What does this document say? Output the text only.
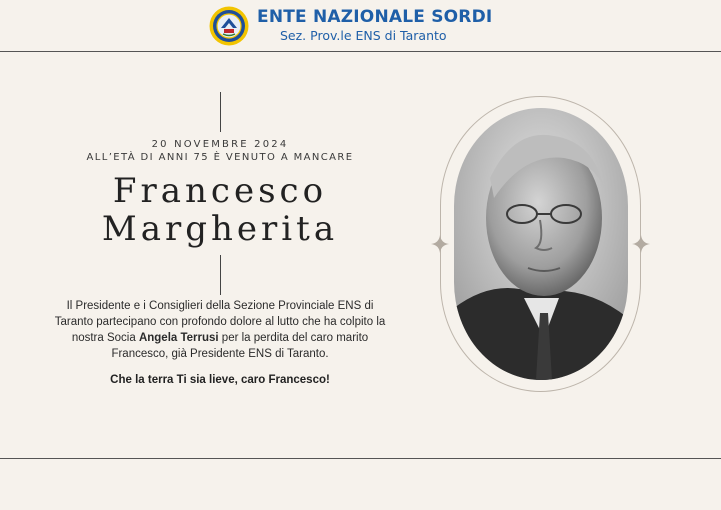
ENTE NAZIONALE SORDI
Sez. Prov.le ENS di Taranto
20 NOVEMBRE 2024
ALL’ETÀ DI ANNI 75 È VENUTO A MANCARE
Francesco
Margherita
Il Presidente e i Consiglieri della Sezione Provinciale ENS di Taranto partecipano con profondo dolore al lutto che ha colpito la nostra Socia Angela Terrusi per la perdita del caro marito Francesco, già Presidente ENS di Taranto.
Che la terra Ti sia lieve, caro Francesco!
